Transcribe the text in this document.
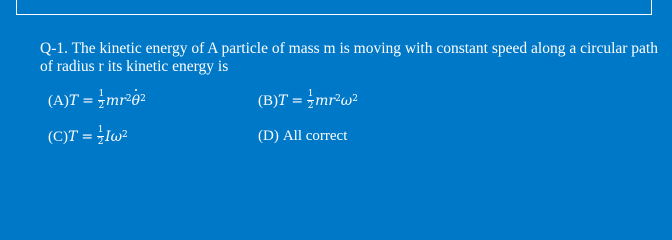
Q-1. The kinetic energy of A particle of mass m is moving with constant speed along a circular path of radius r its kinetic energy is
(A) $T = \frac{1}{2}$ m $r^2$ $\theta^2$	(B) $T = \frac{1}{2}$ m $r^2$ $\omega^2$
(C) $T = \frac{1}{2}$ I $\omega^2$	(D) All correct
